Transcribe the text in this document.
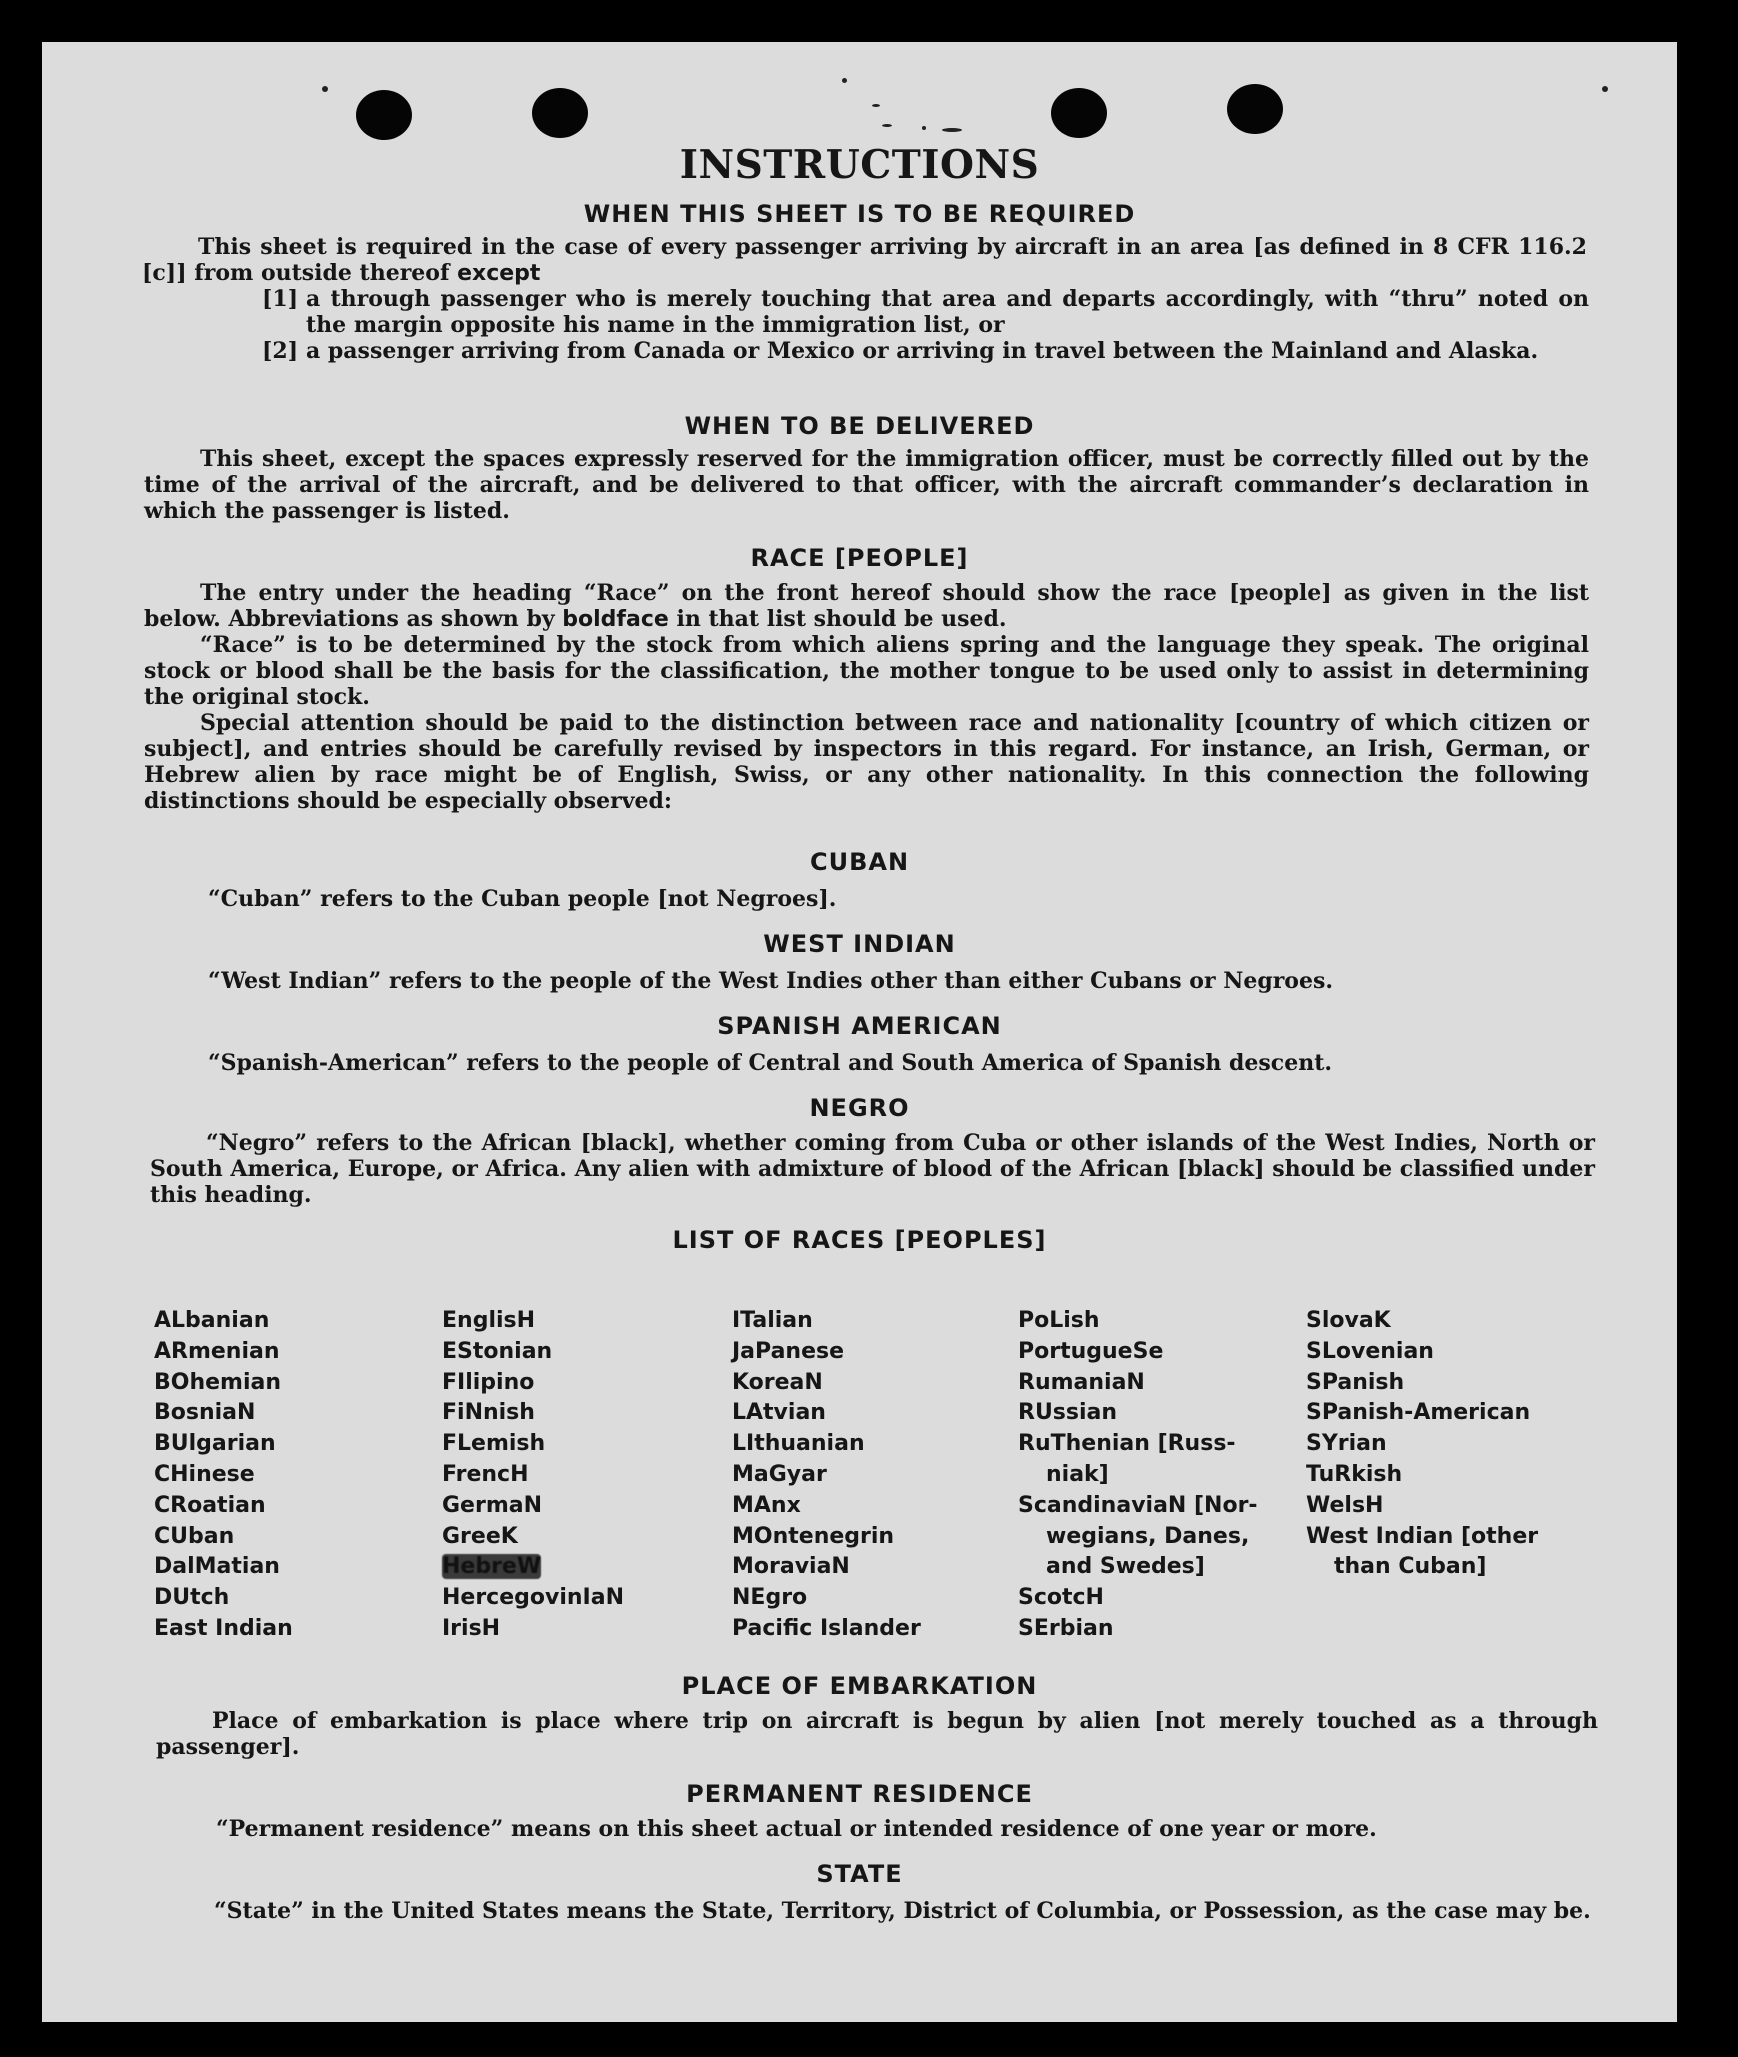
INSTRUCTIONS
WHEN THIS SHEET IS TO BE REQUIRED

This sheet is required in the case of every passenger arriving by aircraft in an area [as defined in 8 CFR 116.2 [c]] from outside thereof except

[1] a through passenger who is merely touching that area and departs accordingly, with “thru” noted on the margin opposite his name in the immigration list, or

[2] a passenger arriving from Canada or Mexico or arriving in travel between the Mainland and Alaska.

WHEN TO BE DELIVERED

This sheet, except the spaces expressly reserved for the immigration officer, must be correctly filled out by the time of the arrival of the aircraft, and be delivered to that officer, with the aircraft commander’s declaration in which the passenger is listed.

RACE [PEOPLE]

The entry under the heading “Race” on the front hereof should show the race [people] as given in the list below. Abbreviations as shown by boldface in that list should be used.

“Race” is to be determined by the stock from which aliens spring and the language they speak. The original stock or blood shall be the basis for the classification, the mother tongue to be used only to assist in determining the original stock.

Special attention should be paid to the distinction between race and nationality [country of which citizen or subject], and entries should be carefully revised by inspectors in this regard. For instance, an Irish, German, or Hebrew alien by race might be of English, Swiss, or any other nationality. In this connection the following distinctions should be especially observed:

CUBAN

“Cuban” refers to the Cuban people [not Negroes].

WEST INDIAN

“West Indian” refers to the people of the West Indies other than either Cubans or Negroes.

SPANISH AMERICAN

“Spanish-American” refers to the people of Central and South America of Spanish descent.

NEGRO

“Negro” refers to the African [black], whether coming from Cuba or other islands of the West Indies, North or South America, Europe, or Africa. Any alien with admixture of blood of the African [black] should be classified under this heading.

LIST OF RACES [PEOPLES]
ALbanian
ARmenian
BOhemian
BosniaN
BUlgarian
CHinese
CRoatian
CUban
DalMatian
DUtch
East Indian
EnglisH
EStonian
FIlipino
FiNnish
FLemish
FrencH
GermaN
GreeK
HebreW
HercegovinIaN
IrisH
ITalian
JaPanese
KoreaN
LAtvian
LIthuanian
MaGyar
MAnx
MOntenegrin
MoraviaN
NEgro
Pacific Islander
PoLish
PortugueSe
RumaniaN
RUssian
RuThenian [Russ-
niak]
ScandinaviaN [Nor-
wegians, Danes,
and Swedes]
ScotcH
SErbian
SlovaK
SLovenian
SPanish
SPanish-American
SYrian
TuRkish
WelsH
West Indian [other
than Cuban]
PLACE OF EMBARKATION

Place of embarkation is place where trip on aircraft is begun by alien [not merely touched as a through passenger].

PERMANENT RESIDENCE

“Permanent residence” means on this sheet actual or intended residence of one year or more.

STATE

“State” in the United States means the State, Territory, District of Columbia, or Possession, as the case may be.
